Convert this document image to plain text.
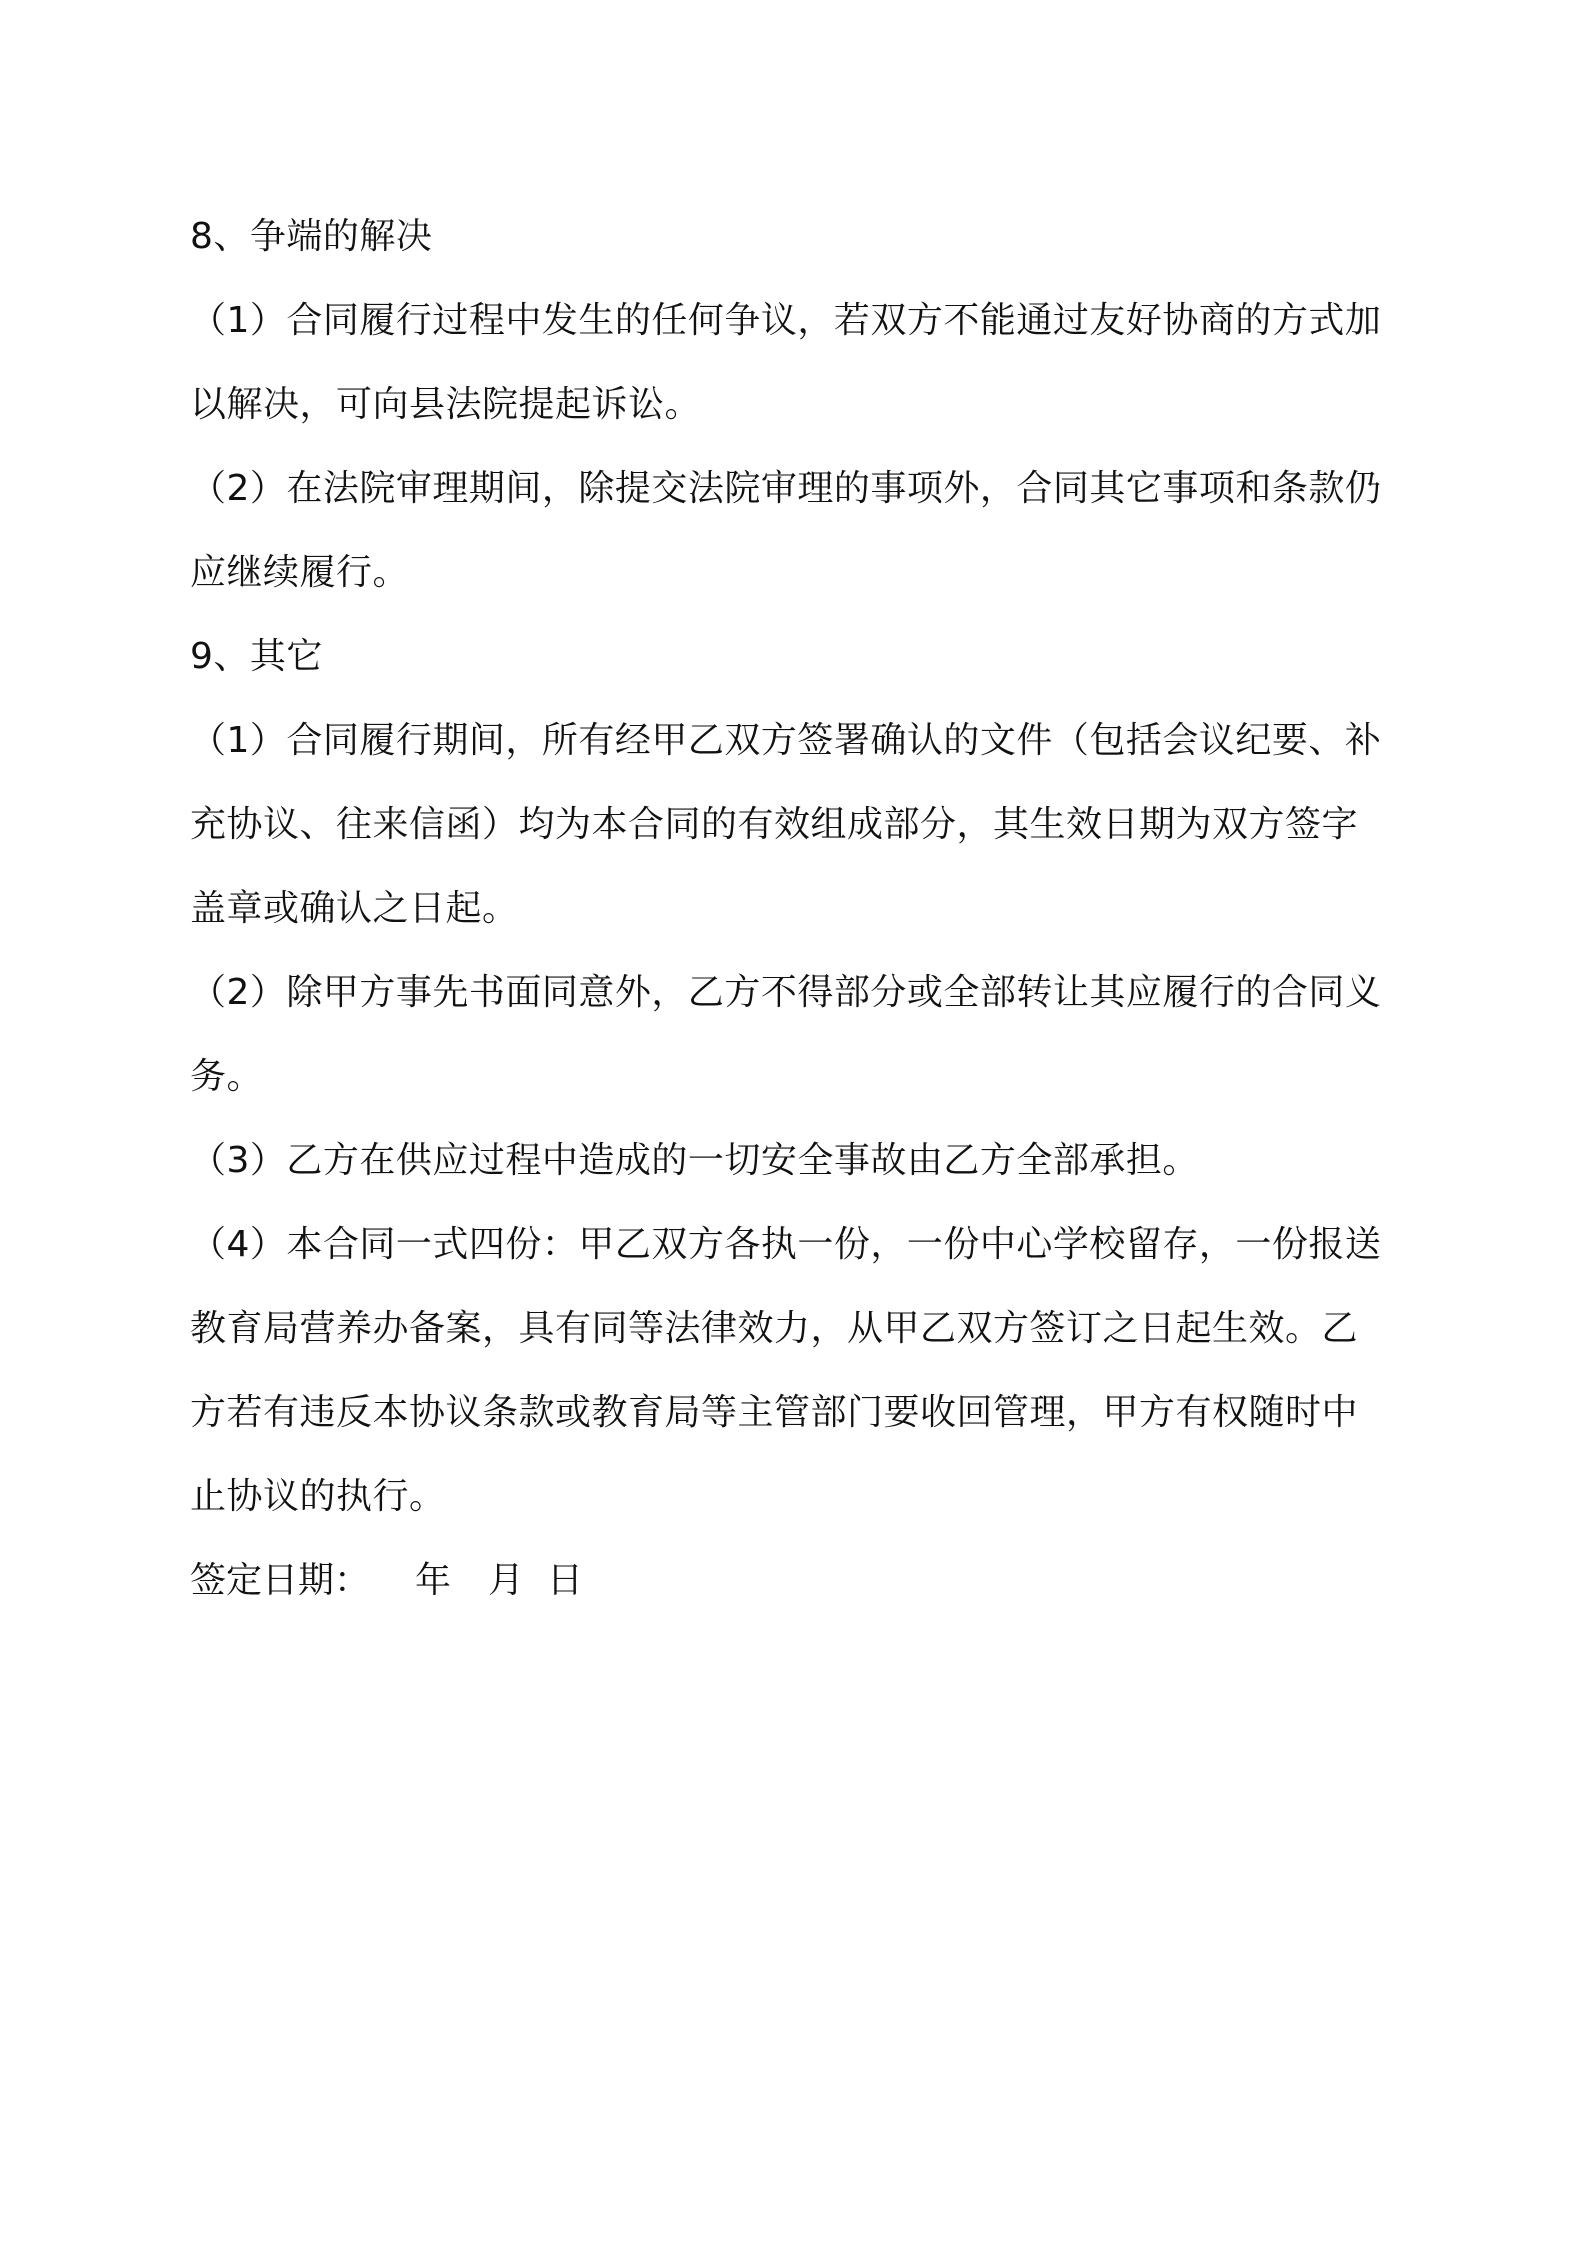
8、争端的解决
（1）合同履行过程中发生的任何争议，若双方不能通过友好协商的方式加
以解决，可向县法院提起诉讼。
（2）在法院审理期间，除提交法院审理的事项外，合同其它事项和条款仍
应继续履行。
9、其它
（1）合同履行期间，所有经甲乙双方签署确认的文件（包括会议纪要、补
充协议、往来信函）均为本合同的有效组成部分，其生效日期为双方签字
盖章或确认之日起。
（2）除甲方事先书面同意外，乙方不得部分或全部转让其应履行的合同义
务。
（3）乙方在供应过程中造成的一切安全事故由乙方全部承担。
（4）本合同一式四份：甲乙双方各执一份，一份中心学校留存，一份报送
教育局营养办备案，具有同等法律效力，从甲乙双方签订之日起生效。乙
方若有违反本协议条款或教育局等主管部门要收回管理，甲方有权随时中
止协议的执行。
签定日期：	年	月 日
